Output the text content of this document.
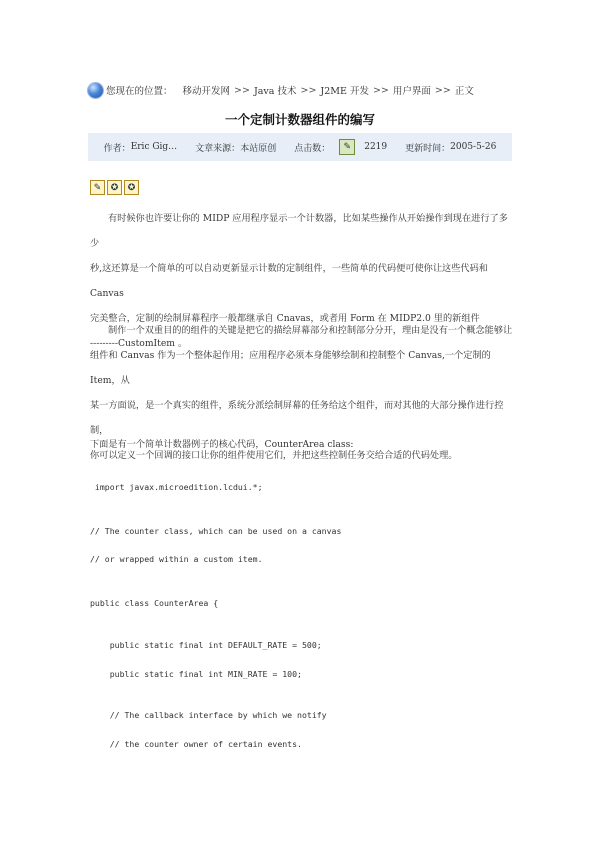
您现在的位置： 移动开发网 >> Java 技术 >> J2ME 开发 >> 用户界面 >> 正文
一个定制计数器组件的编写
作者： Eric Gig… 文章来源： 本站原创 点击数：	✎	2219 更新时间： 2005-5-26
✎	✪	✪
有时候你也许要让你的 MIDP 应用程序显示一个计数器，比如某些操作从开始操作到现在进行了多少
秒,这还算是一个简单的可以自动更新显示计数的定制组件，一些简单的代码便可使你让这些代码和 Canvas
完美整合，定制的绘制屏幕程序一般都继承自 Cnavas，或者用 Form 在 MIDP2.0 里的新组件
---------CustomItem 。
制作一个双重目的的组件的关键是把它的描绘屏幕部分和控制部分分开，理由是没有一个概念能够让
组件和 Canvas 作为一个整体起作用；应用程序必须本身能够绘制和控制整个 Canvas,一个定制的 Item，从
某一方面说，是一个真实的组件，系统分派绘制屏幕的任务给这个组件，而对其他的大部分操作进行控制，
你可以定义一个回调的接口让你的组件使用它们，并把这些控制任务交给合适的代码处理。
下面是有一个简单计数器例子的核心代码，CounterArea class:
import javax.microedition.lcdui.*;
// The counter class, which can be used on a canvas
// or wrapped within a custom item.
public class CounterArea {
public static final int DEFAULT_RATE = 500;
public static final int MIN_RATE = 100;
// The callback interface by which we notify
// the counter owner of certain events.
